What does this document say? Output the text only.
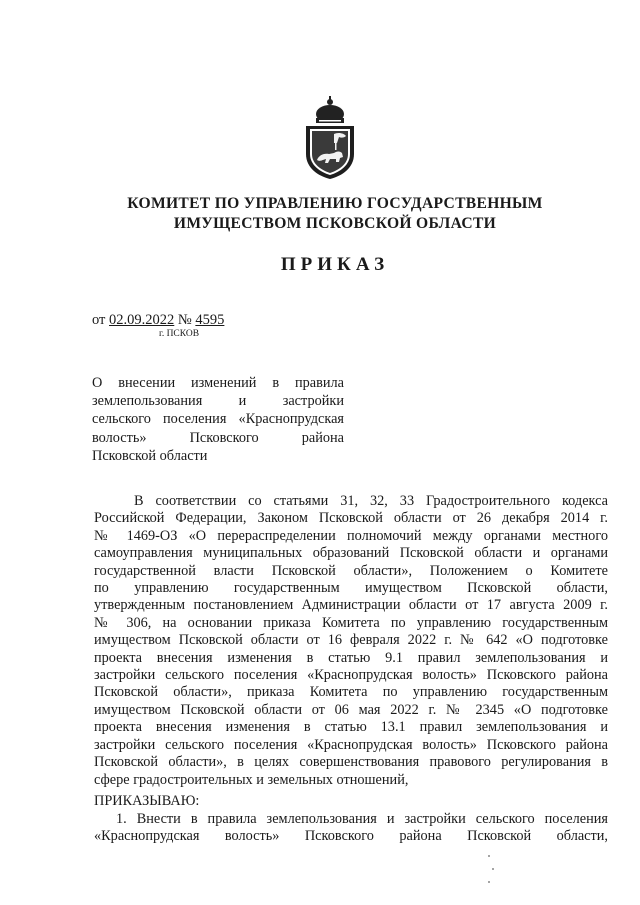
КОМИТЕТ ПО УПРАВЛЕНИЮ ГОСУДАРСТВЕННЫМ
ИМУЩЕСТВОМ ПСКОВСКОЙ ОБЛАСТИ
ПРИКАЗ
от 02.09.2022 № 4595
г. ПСКОВ
О внесении изменений в правила
землепользования и застройки
сельского поселения «Краснопрудская
волость» Псковского района
Псковской области
В соответствии со статьями 31, 32, 33 Градостроительного кодекса
Российской Федерации, Законом Псковской области от 26 декабря 2014 г.
№ 1469-ОЗ «О перераспределении полномочий между органами местного
самоуправления муниципальных образований Псковской области и органами
государственной власти Псковской области», Положением о Комитете
по управлению государственным имуществом Псковской области,
утвержденным постановлением Администрации области от 17 августа 2009 г.
№ 306, на основании приказа Комитета по управлению государственным
имуществом Псковской области от 16 февраля 2022 г. № 642 «О подготовке
проекта внесения изменения в статью 9.1 правил землепользования и
застройки сельского поселения «Краснопрудская волость» Псковского района
Псковской области», приказа Комитета по управлению государственным
имуществом Псковской области от 06 мая 2022 г. № 2345 «О подготовке
проекта внесения изменения в статью 13.1 правил землепользования и
застройки сельского поселения «Краснопрудская волость» Псковского района
Псковской области», в целях совершенствования правового регулирования в
сфере градостроительных и земельных отношений,
ПРИКАЗЫВАЮ:
1. Внести в правила землепользования и застройки сельского поселения
«Краснопрудская волость» Псковского района Псковской области,
